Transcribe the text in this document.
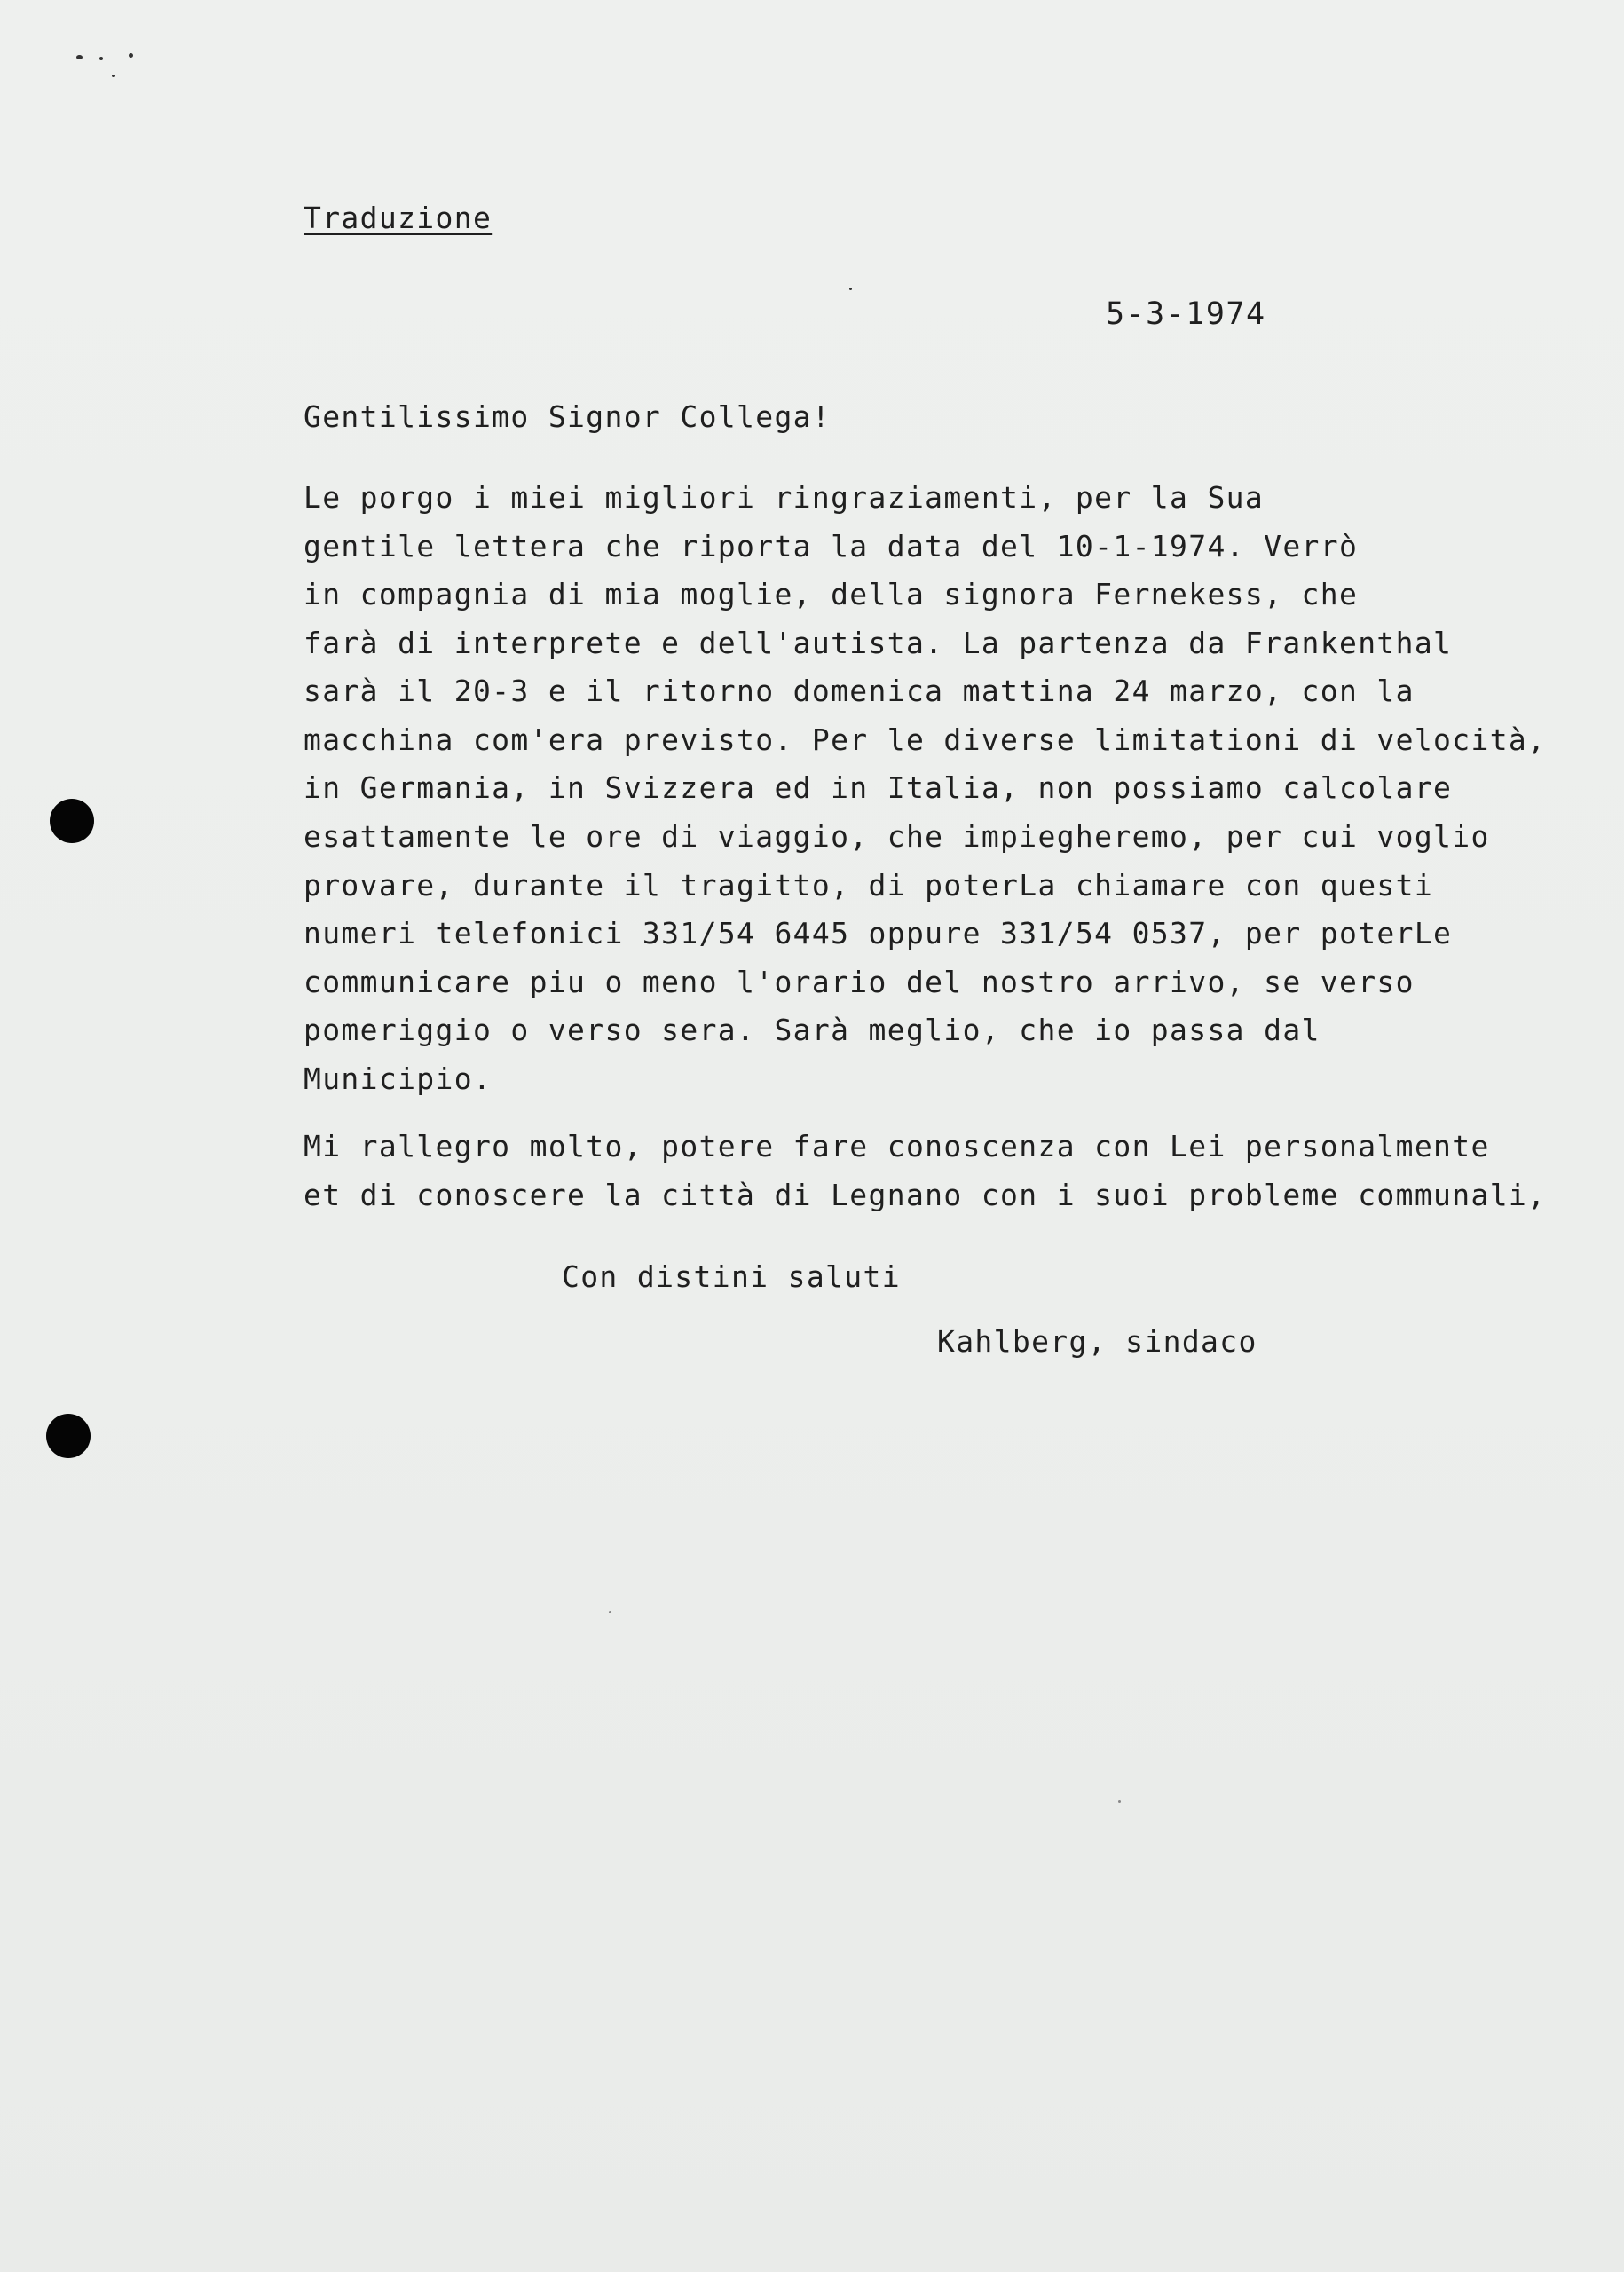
Traduzione
5-3-1974
Gentilissimo Signor Collega!
Le porgo i miei migliori ringraziamenti, per la Sua
gentile lettera che riporta la data del 10-1-1974. Verrò
in compagnia di mia moglie, della signora Fernekess, che
farà di interprete e dell'autista. La partenza da Frankenthal
sarà il 20-3 e il ritorno domenica mattina 24 marzo, con la
macchina com'era previsto. Per le diverse limitationi di velocità,
in Germania, in Svizzera ed in Italia, non possiamo calcolare
esattamente le ore di viaggio, che impiegheremo, per cui voglio
provare, durante il tragitto, di poterLa chiamare con questi
numeri telefonici 331/54 6445 oppure 331/54 0537, per poterLe
communicare piu o meno l'orario del nostro arrivo, se verso
pomeriggio o verso sera. Sarà meglio, che io passa dal
Municipio.
Mi rallegro molto, potere fare conoscenza con Lei personalmente
et di conoscere la città di Legnano con i suoi probleme communali,
Con distini saluti
Kahlberg, sindaco
